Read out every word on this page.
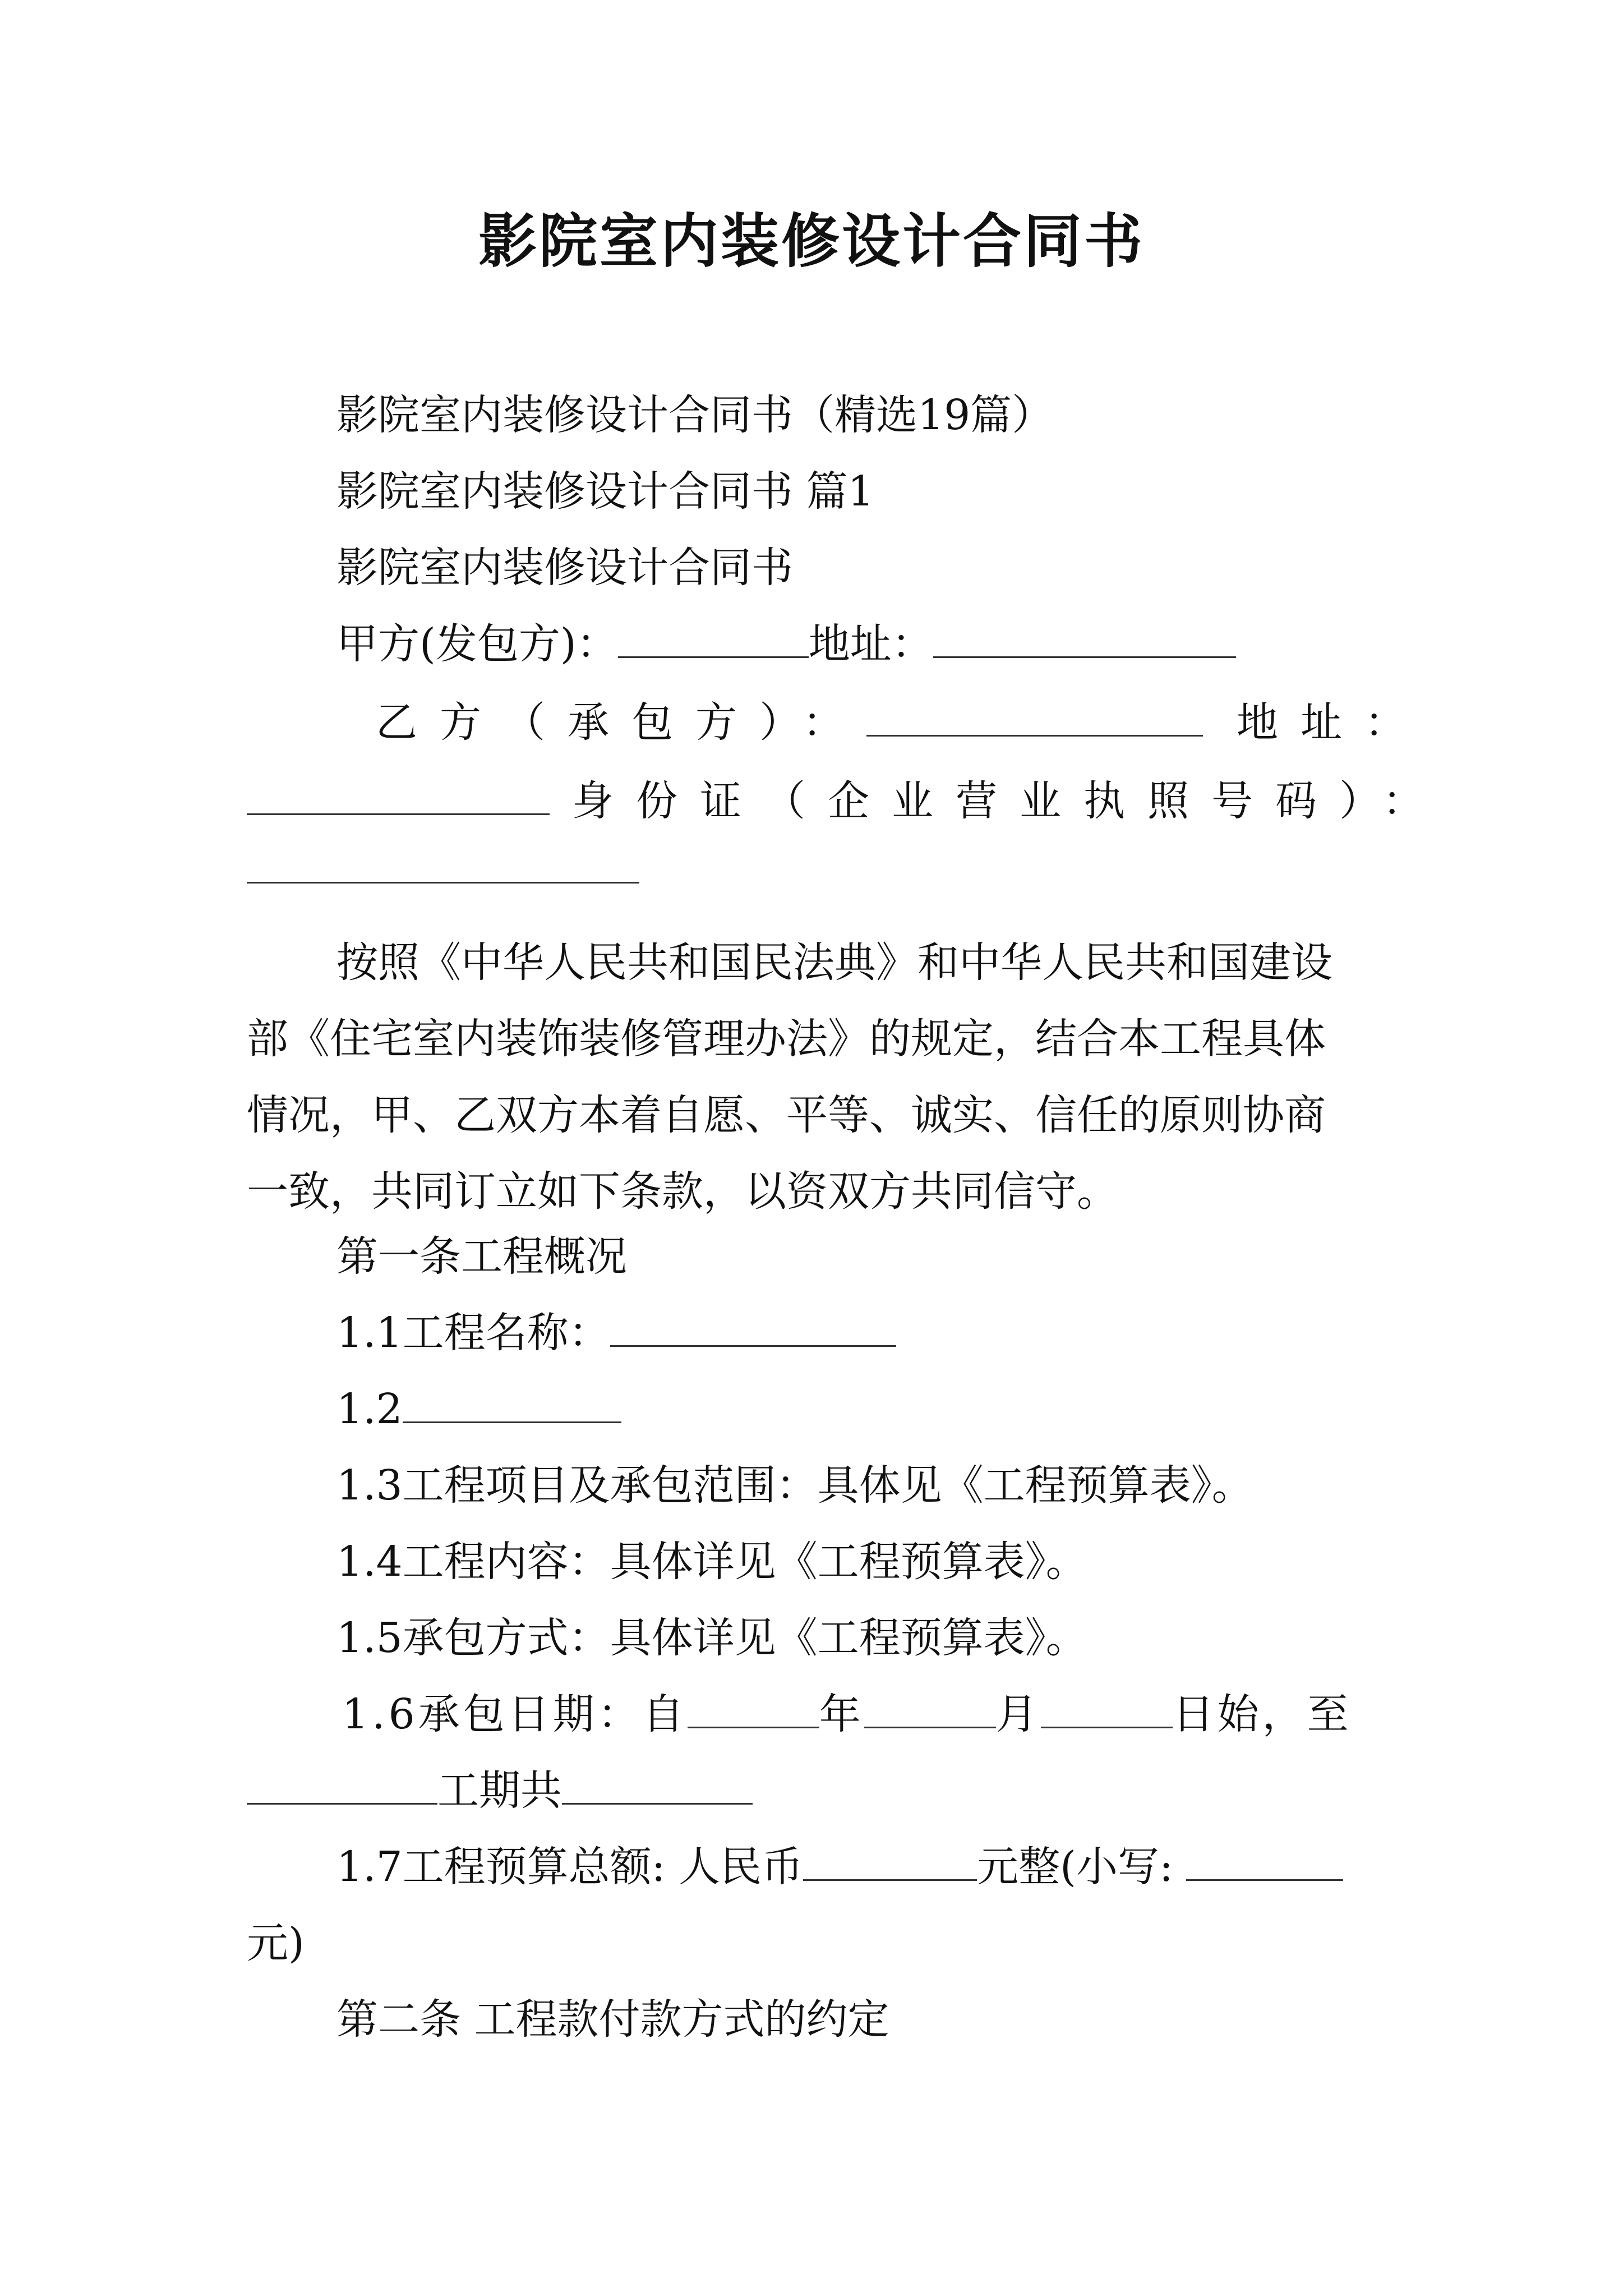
影院室内装修设计合同书
影院室内装修设计合同书（精选19篇）
影院室内装修设计合同书 篇1
影院室内装修设计合同书
甲方(发包方)：	地址：
乙方（承包方）：	地址：
身份证（企业营业执照号码）：
按照《中华人民共和国民法典》和中华人民共和国建设
部《住宅室内装饰装修管理办法》的规定，结合本工程具体
情况，甲、乙双方本着自愿、平等、诚实、信任的原则协商
一致，共同订立如下条款，以资双方共同信守。
第一条工程概况
1.1工程名称：
1.2
1.3工程项目及承包范围：具体见《工程预算表》。
1.4工程内容：具体详见《工程预算表》。
1.5承包方式：具体详见《工程预算表》。
1.6承包日期：自	年	月	日始，至
工期共
1.7工程预算总额: 人民币	元整(小写:
元)
第二条 工程款付款方式的约定
